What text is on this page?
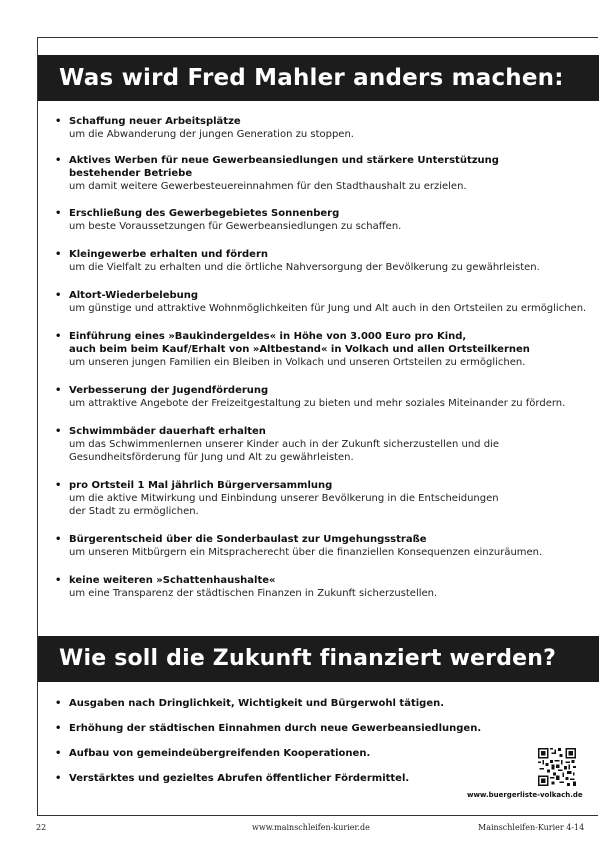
Was wird Fred Mahler anders machen:
• Schaffung neuer Arbeitsplätze
um die Abwanderung der jungen Generation zu stoppen.
• Aktives Werben für neue Gewerbeansiedlungen und stärkere Unterstützung
bestehender Betriebe
um damit weitere Gewerbesteuereinnahmen für den Stadthaushalt zu erzielen.
• Erschließung des Gewerbegebietes Sonnenberg
um beste Voraussetzungen für Gewerbeansiedlungen zu schaffen.
• Kleingewerbe erhalten und fördern
um die Vielfalt zu erhalten und die örtliche Nahversorgung der Bevölkerung zu gewährleisten.
• Altort-Wiederbelebung
um günstige und attraktive Wohnmöglichkeiten für Jung und Alt auch in den Ortsteilen zu ermöglichen.
• Einführung eines »Baukindergeldes« in Höhe von 3.000 Euro pro Kind,
auch beim beim Kauf/Erhalt von »Altbestand« in Volkach und allen Ortsteilkernen
um unseren jungen Familien ein Bleiben in Volkach und unseren Ortsteilen zu ermöglichen.
• Verbesserung der Jugendförderung
um attraktive Angebote der Freizeitgestaltung zu bieten und mehr soziales Miteinander zu fördern.
• Schwimmbäder dauerhaft erhalten
um das Schwimmenlernen unserer Kinder auch in der Zukunft sicherzustellen und die
Gesundheitsförderung für Jung und Alt zu gewährleisten.
• pro Ortsteil 1 Mal jährlich Bürgerversammlung
um die aktive Mitwirkung und Einbindung unserer Bevölkerung in die Entscheidungen
der Stadt zu ermöglichen.
• Bürgerentscheid über die Sonderbaulast zur Umgehungsstraße
um unseren Mitbürgern ein Mitspracherecht über die finanziellen Konsequenzen einzuräumen.
• keine weiteren »Schattenhaushalte«
um eine Transparenz der städtischen Finanzen in Zukunft sicherzustellen.
Wie soll die Zukunft finanziert werden?
• Ausgaben nach Dringlichkeit, Wichtigkeit und Bürgerwohl tätigen.
• Erhöhung der städtischen Einnahmen durch neue Gewerbeansiedlungen.
• Aufbau von gemeindeübergreifenden Kooperationen.
• Verstärktes und gezieltes Abrufen öffentlicher Fördermittel.
www.buergerliste-volkach.de
22	www.mainschleifen-kurier.de	Mainschleifen-Kurier 4-14
